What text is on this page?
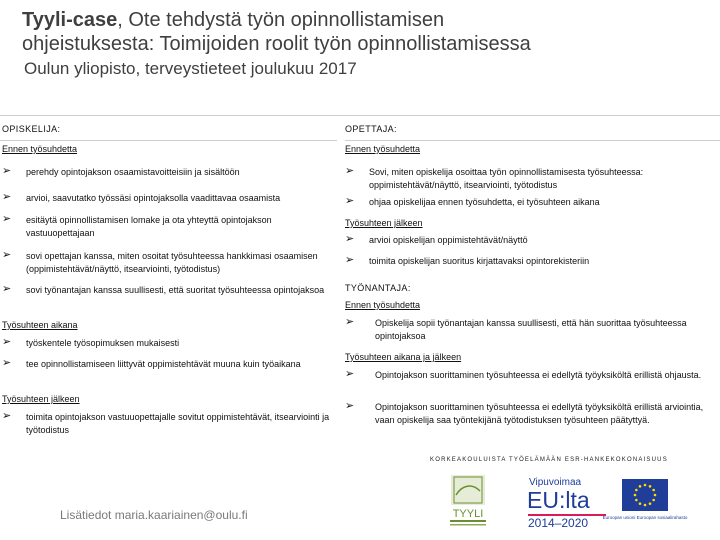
Tyyli-case, Ote tehdystä työn opinnollistamisen
ohjeistuksesta: Toimijoiden roolit työn opinnollistamisessa
Oulun yliopisto, terveystieteet joulukuu 2017
OPISKELIJA:
Ennen työsuhdetta
➢ perehdy opintojakson osaamistavoitteisiin ja sisältöön
➢ arvioi, saavutatko työssäsi opintojaksolla vaadittavaa osaamista
➢ esitäytä opinnollistamisen lomake ja ota yhteyttä opintojakson vastuuopettajaan
➢ sovi opettajan kanssa, miten osoitat työsuhteessa hankkimasi osaamisen (oppimistehtävät/näyttö, itsearviointi, työtodistus)
➢ sovi työnantajan kanssa suullisesti, että suoritat työsuhteessa opintojaksoa
Työsuhteen aikana
➢ työskentele työsopimuksen mukaisesti
➢ tee opinnollistamiseen liittyvät oppimistehtävät muuna kuin työaikana
Työsuhteen jälkeen
➢ toimita opintojakson vastuuopettajalle sovitut oppimistehtävät, itsearviointi ja työtodistus
OPETTAJA:
Ennen työsuhdetta
➢ Sovi, miten opiskelija osoittaa työn opinnollistamisesta työsuhteessa: oppimistehtävät/näyttö, itsearviointi, työtodistus
➢ ohjaa opiskelijaa ennen työsuhdetta, ei työsuhteen aikana
Työsuhteen jälkeen
➢ arvioi opiskelijan oppimistehtävät/näyttö
➢ toimita opiskelijan suoritus kirjattavaksi opintorekisteriin
TYÖNANTAJA:
Ennen työsuhdetta
➢	Opiskelija sopii työnantajan kanssa suullisesti, että hän suorittaa työsuhteessa opintojaksoa
Työsuhteen aikana ja jälkeen
➢	Opintojakson suorittaminen työsuhteessa ei edellytä työyksiköltä erillistä ohjausta.
➢	Opintojakson suorittaminen työsuhteessa ei edellytä työyksiköltä erillistä arviointia, vaan opiskelija saa työntekijänä työtodistuksen työsuhteen päätyttyä.
KORKEAKOULUISTA TYÖELÄMÄÄN ESR-HANKEKOKONAISUUS
Lisätiedot maria.kaariainen@oulu.fi	TYYLI
Vipuvoimaa
EU:lta
2014–2020	Euroopan unioni Euroopan sosiaalirahasto
